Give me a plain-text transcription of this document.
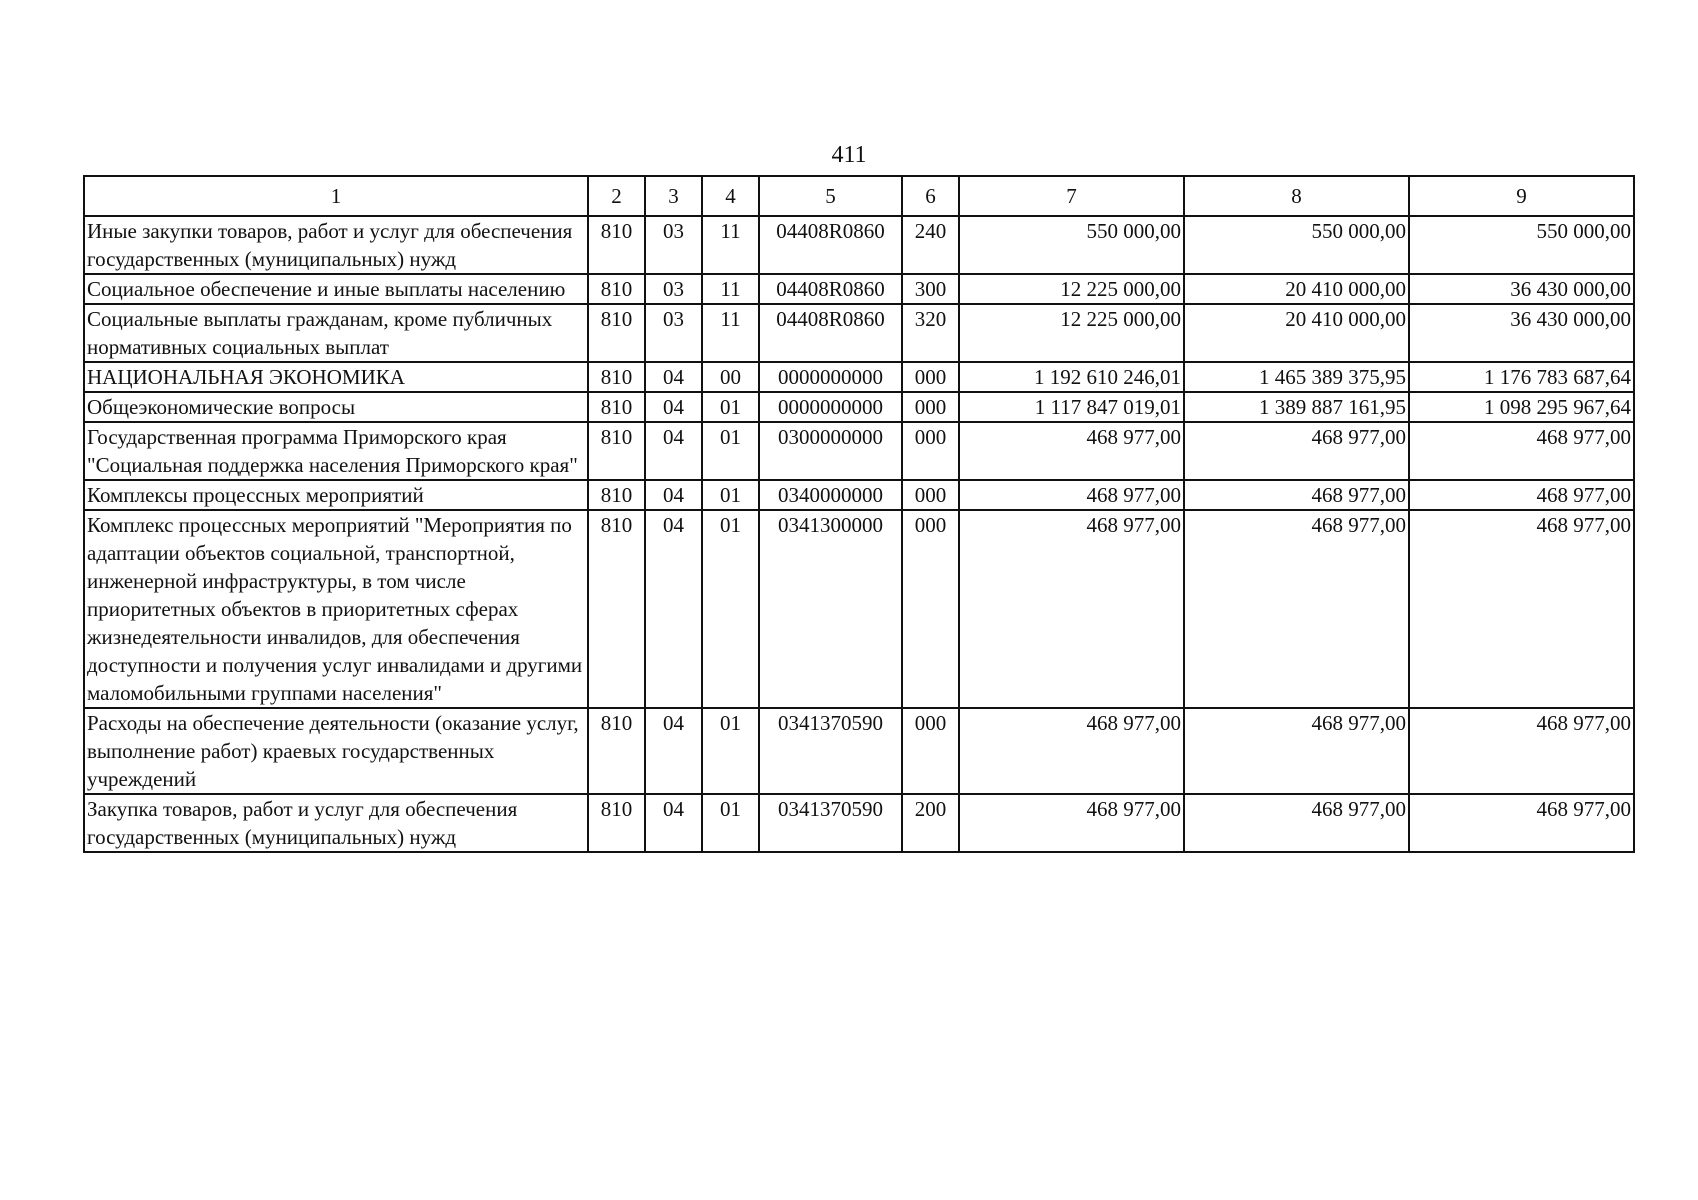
411
1	2	3	4	5	6	7	8	9
Иные закупки товаров, работ и услуг для обеспечения государственных (муниципальных) нужд	810	03	11	04408R0860	240	550 000,00	550 000,00	550 000,00
Социальное обеспечение и иные выплаты населению	810	03	11	04408R0860	300	12 225 000,00	20 410 000,00	36 430 000,00
Социальные выплаты гражданам, кроме публичных нормативных социальных выплат	810	03	11	04408R0860	320	12 225 000,00	20 410 000,00	36 430 000,00
НАЦИОНАЛЬНАЯ ЭКОНОМИКА	810	04	00	0000000000	000	1 192 610 246,01	1 465 389 375,95	1 176 783 687,64
Общеэкономические вопросы	810	04	01	0000000000	000	1 117 847 019,01	1 389 887 161,95	1 098 295 967,64
Государственная программа Приморского края "Социальная поддержка населения Приморского края"	810	04	01	0300000000	000	468 977,00	468 977,00	468 977,00
Комплексы процессных мероприятий	810	04	01	0340000000	000	468 977,00	468 977,00	468 977,00
Комплекс процессных мероприятий "Мероприятия по адаптации объектов социальной, транспортной, инженерной инфраструктуры, в том числе приоритетных объектов в приоритетных сферах жизнедеятельности инвалидов, для обеспечения доступности и получения услуг инвалидами и другими маломобильными группами населения"	810	04	01	0341300000	000	468 977,00	468 977,00	468 977,00
Расходы на обеспечение деятельности (оказание услуг, выполнение работ) краевых государственных учреждений	810	04	01	0341370590	000	468 977,00	468 977,00	468 977,00
Закупка товаров, работ и услуг для обеспечения государственных (муниципальных) нужд	810	04	01	0341370590	200	468 977,00	468 977,00	468 977,00
